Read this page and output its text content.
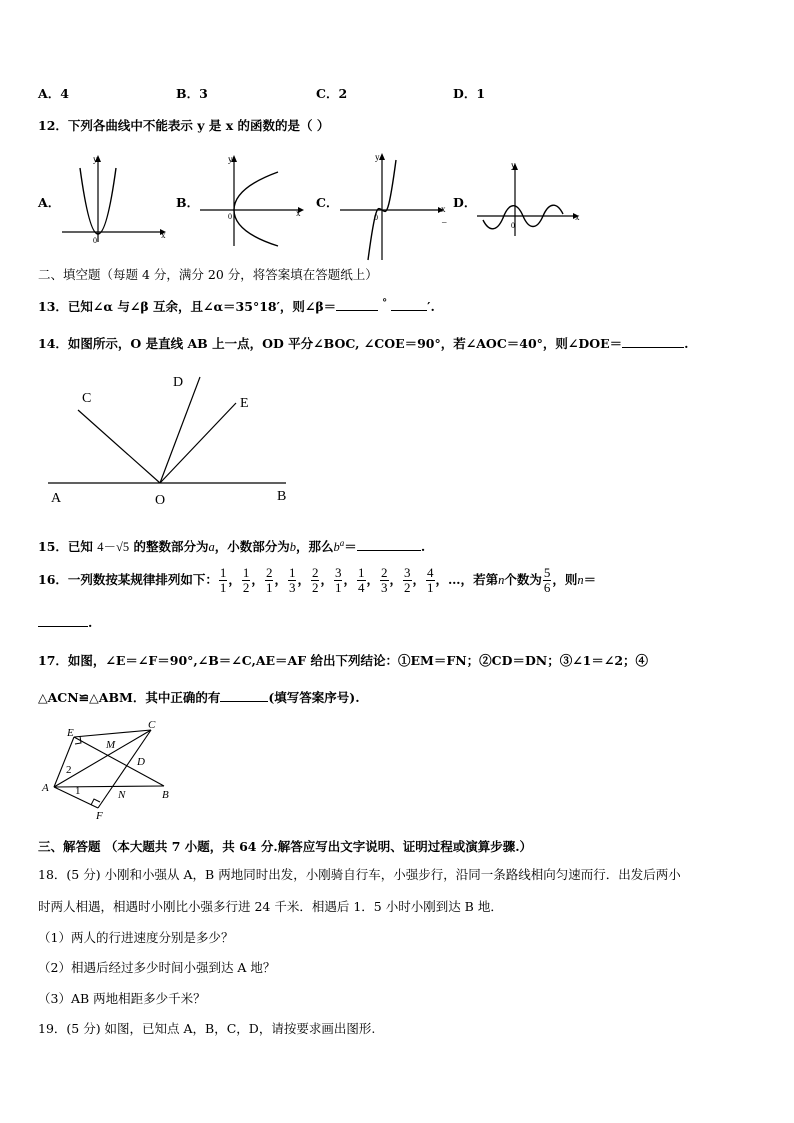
A．4	B．3	C．2	D．1
12．下列各曲线中不能表示 y 是 x 的函数的是（ ）
A．
y
x
0
B．
y
x
0
C．
y
x
–
0
D．
y
x
0
二、填空题（每题 4 分，满分 20 分，将答案填在答题纸上）
13．已知∠α 与∠β 互余，且∠α＝35°18′，则∠β＝	°	′.
14．如图所示，O 是直线 AB 上一点，OD 平分∠BOC, ∠COE＝90°，若∠AOC＝40°，则∠DOE＝	.
C
D
E
A	O	B
15．已知 4－√5 的整数部分为a，小数部分为b，那么$b^a=$	.
16．一列数按某规律排列如下： $\frac{1}{1}$ ， $\frac{1}{2}$ ， $\frac{2}{1}$ ， $\frac{1}{3}$ ， $\frac{2}{2}$ ， $\frac{3}{1}$ ， $\frac{1}{4}$ ， $\frac{2}{3}$ ， $\frac{3}{2}$ ， $\frac{4}{1}$ ，…，若第n个数为 $\frac{5}{6}$ ，则n＝
.
17．如图，∠E＝∠F＝90°,∠B＝∠C,AE＝AF 给出下列结论：①EM＝FN；②CD＝DN；③∠1＝∠2；④
△ACN≌△ABM．其中正确的有	(填写答案序号).
E
M
C
D
A
N	B
F
1
2
三、解答题 （本大题共 7 小题，共 64 分.解答应写出文字说明、证明过程或演算步骤.）
18．(5 分) 小刚和小强从 A，B 两地同时出发，小刚骑自行车，小强步行，沿同一条路线相向匀速而行．出发后两小
时两人相遇，相遇时小刚比小强多行进 24 千米．相遇后 1．5 小时小刚到达 B 地．
（1）两人的行进速度分别是多少？
（2）相遇后经过多少时间小强到达 A 地？
（3）AB 两地相距多少千米？
19．(5 分) 如图，已知点 A，B，C，D，请按要求画出图形.
